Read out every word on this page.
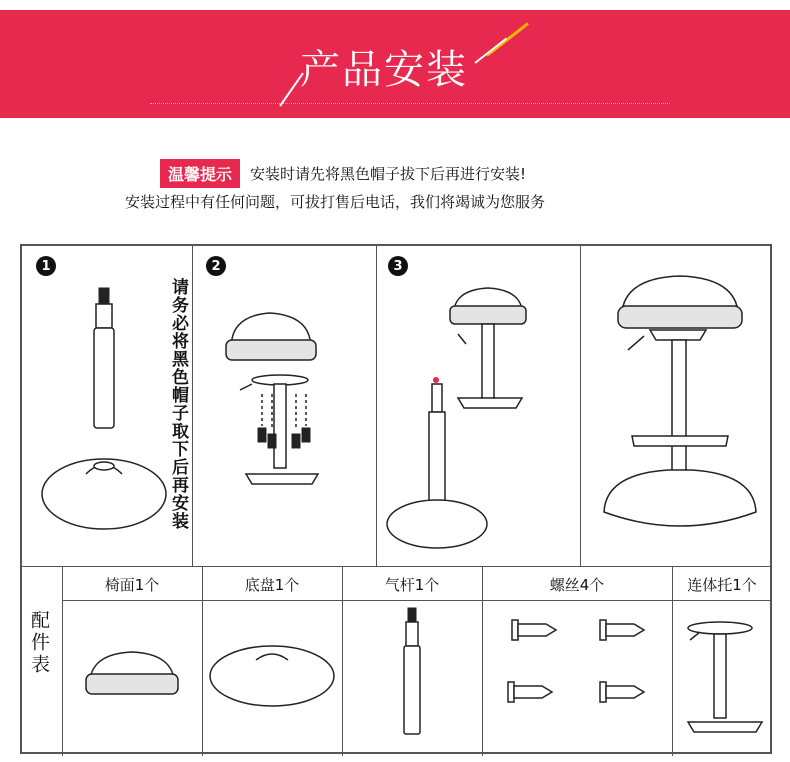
产品安装
温馨提示	安装时请先将黑色帽子拔下后再进行安装!
安装过程中有任何问题，可拔打售后电话，我们将竭诚为您服务
1	2	3
请务必将黑色帽子取下后再安装
配件表
椅面1个	底盘1个	气杆1个	螺丝4个	连体托1个
